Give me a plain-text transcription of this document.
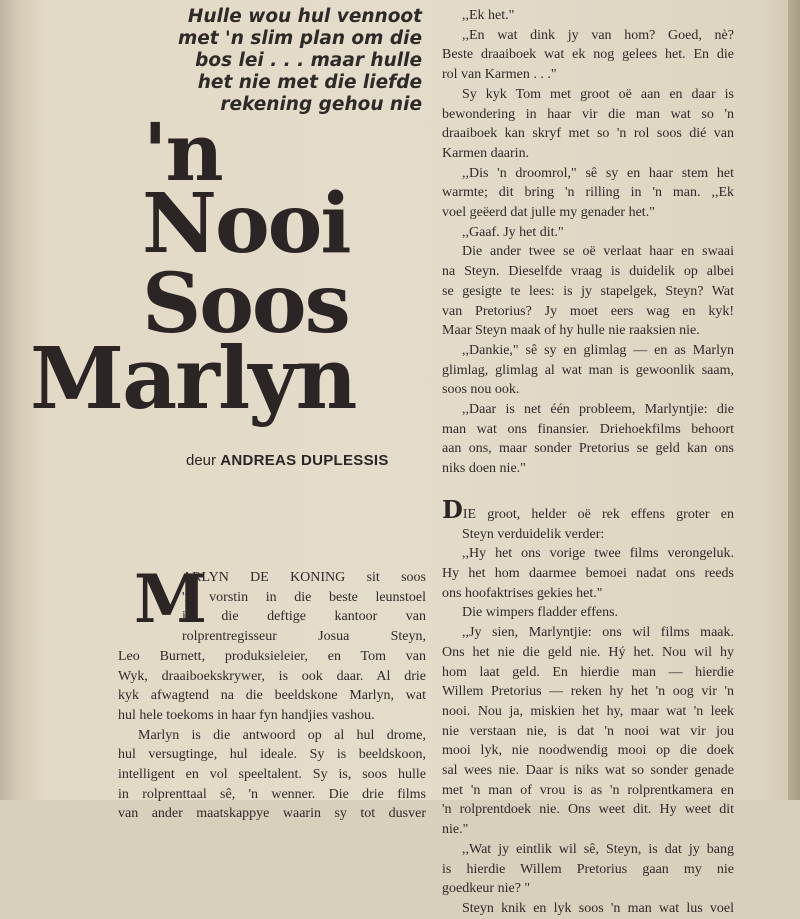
Hulle wou hul vennoot
met 'n slim plan om die
bos lei . . . maar hulle
het nie met die liefde
rekening gehou nie
'n
Nooi
Soos
Marlyn
deur ANDREAS DUPLESSIS
M

ARLYN DE KONING sit soos

'n vorstin in die beste leunstoel

in die deftige kantoor van

rolprentregisseur Josua Steyn,

Leo Burnett, produksieleier, en Tom van

Wyk, draaiboekskrywer, is ook daar. Al drie

kyk afwagtend na die beeldskone Marlyn, wat

hul hele toekoms in haar fyn handjies vashou.

Marlyn is die antwoord op al hul drome,

hul versugtinge, hul ideale. Sy is beeldskoon,

intelligent en vol speeltalent. Sy is, soos hulle

in rolprenttaal sê, 'n wenner. Die drie films

van ander maatskappye waarin sy tot dusver

,,Ek het."

,,En wat dink jy van hom? Goed, nè?

Beste draaiboek wat ek nog gelees het. En die

rol van Karmen . . ."

Sy kyk Tom met groot oë aan en daar is

bewondering in haar vir die man wat so 'n

draaiboek kan skryf met so 'n rol soos dié van

Karmen daarin.

,,Dis 'n droomrol," sê sy en haar stem het

warmte; dit bring 'n rilling in 'n man. ,,Ek

voel geëerd dat julle my genader het."

,,Gaaf. Jy het dit."

Die ander twee se oë verlaat haar en swaai

na Steyn. Dieselfde vraag is duidelik op albei

se gesigte te lees: is jy stapelgek, Steyn? Wat

van Pretorius? Jy moet eers wag en kyk!

Maar Steyn maak of hy hulle nie raaksien nie.

,,Dankie," sê sy en glimlag — en as Marlyn

glimlag, glimlag al wat man is gewoonlik saam,

soos nou ook.

,,Daar is net één probleem, Marlyntjie: die

man wat ons finansier. Driehoekfilms behoort

aan ons, maar sonder Pretorius se geld kan ons

niks doen nie."

DIE groot, helder oë rek effens groter en

Steyn verduidelik verder:

,,Hy het ons vorige twee films verongeluk.

Hy het hom daarmee bemoei nadat ons reeds

ons hoofaktrises gekies het."

Die wimpers fladder effens.

,,Jy sien, Marlyntjie: ons wil films maak.

Ons het nie die geld nie. Hý het. Nou wil hy

hom laat geld. En hierdie man — hierdie

Willem Pretorius — reken hy het 'n oog vir 'n

nooi. Nou ja, miskien het hy, maar wat 'n leek

nie verstaan nie, is dat 'n nooi wat vir jou

mooi lyk, nie noodwendig mooi op die doek

sal wees nie. Daar is niks wat so sonder genade

met 'n man of vrou is as 'n rolprentkamera en

'n rolprentdoek nie. Ons weet dit. Hy weet dit

nie."

,,Wat jy eintlik wil sê, Steyn, is dat jy bang

is hierdie Willem Pretorius gaan my nie

goedkeur nie? "

Steyn knik en lyk soos 'n man wat lus voel
